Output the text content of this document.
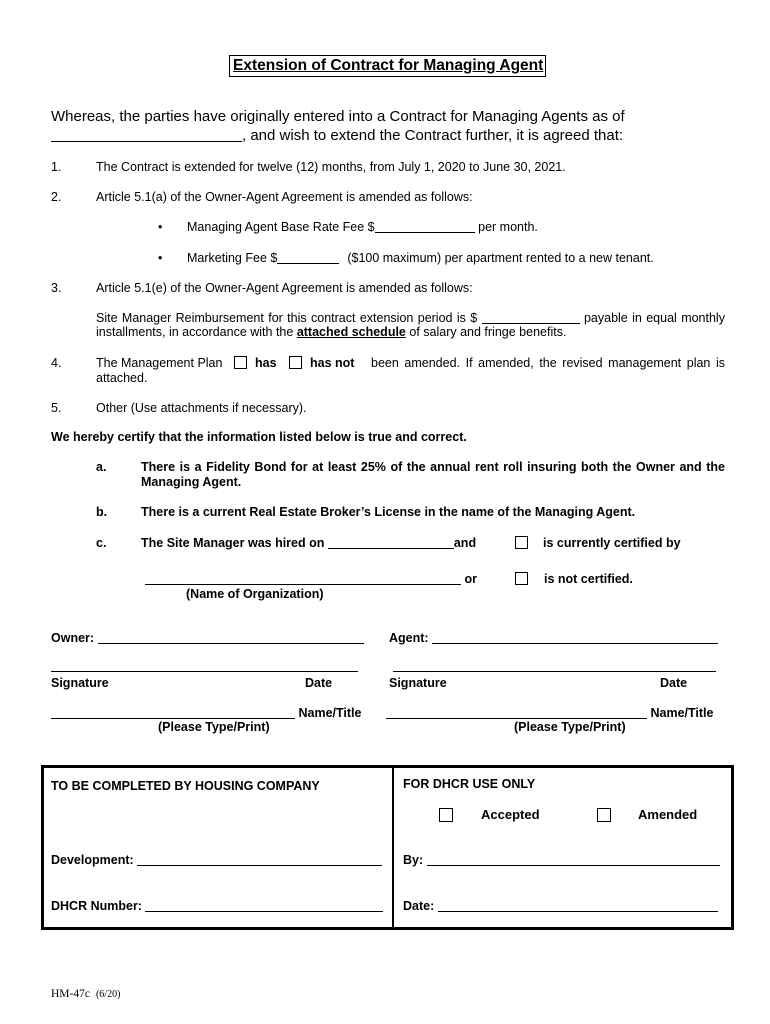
Extension of Contract for Managing Agent
Whereas, the parties have originally entered into a Contract for Managing Agents as of
, and wish to extend the Contract further, it is agreed that:
1.	The Contract is extended for twelve (12) months, from July 1, 2020 to June 30, 2021.
2.	Article 5.1(a) of the Owner-Agent Agreement is amended as follows:
• Managing Agent Base Rate Fee $	per month.
• Marketing Fee $	($100 maximum) per apartment rented to a new tenant.
3.	Article 5.1(e) of the Owner-Agent Agreement is amended as follows:
Site Manager Reimbursement for this contract extension period is $	payable in equal monthly
installments, in accordance with the attached schedule of salary and fringe benefits.
4.	The Management Plan	has	has not been amended. If amended, the revised management plan is
attached.
5.	Other (Use attachments if necessary).
We hereby certify that the information listed below is true and correct.
a.	There is a Fidelity Bond for at least 25% of the annual rent roll insuring both the Owner and the
Managing Agent.
b.	There is a current Real Estate Broker’s License in the name of the Managing Agent.
c.	The Site Manager was hired on	and	is currently certified by
or	is not certified.
(Name of Organization)
Owner:	Agent:
Signature	Date	Signature	Date
Name/Title	Name/Title
(Please Type/Print)	(Please Type/Print)
TO BE COMPLETED BY HOUSING COMPANY	FOR DHCR USE ONLY
Accepted	Amended
Development:	By:
DHCR Number:	Date:
HM-47c (6/20)
